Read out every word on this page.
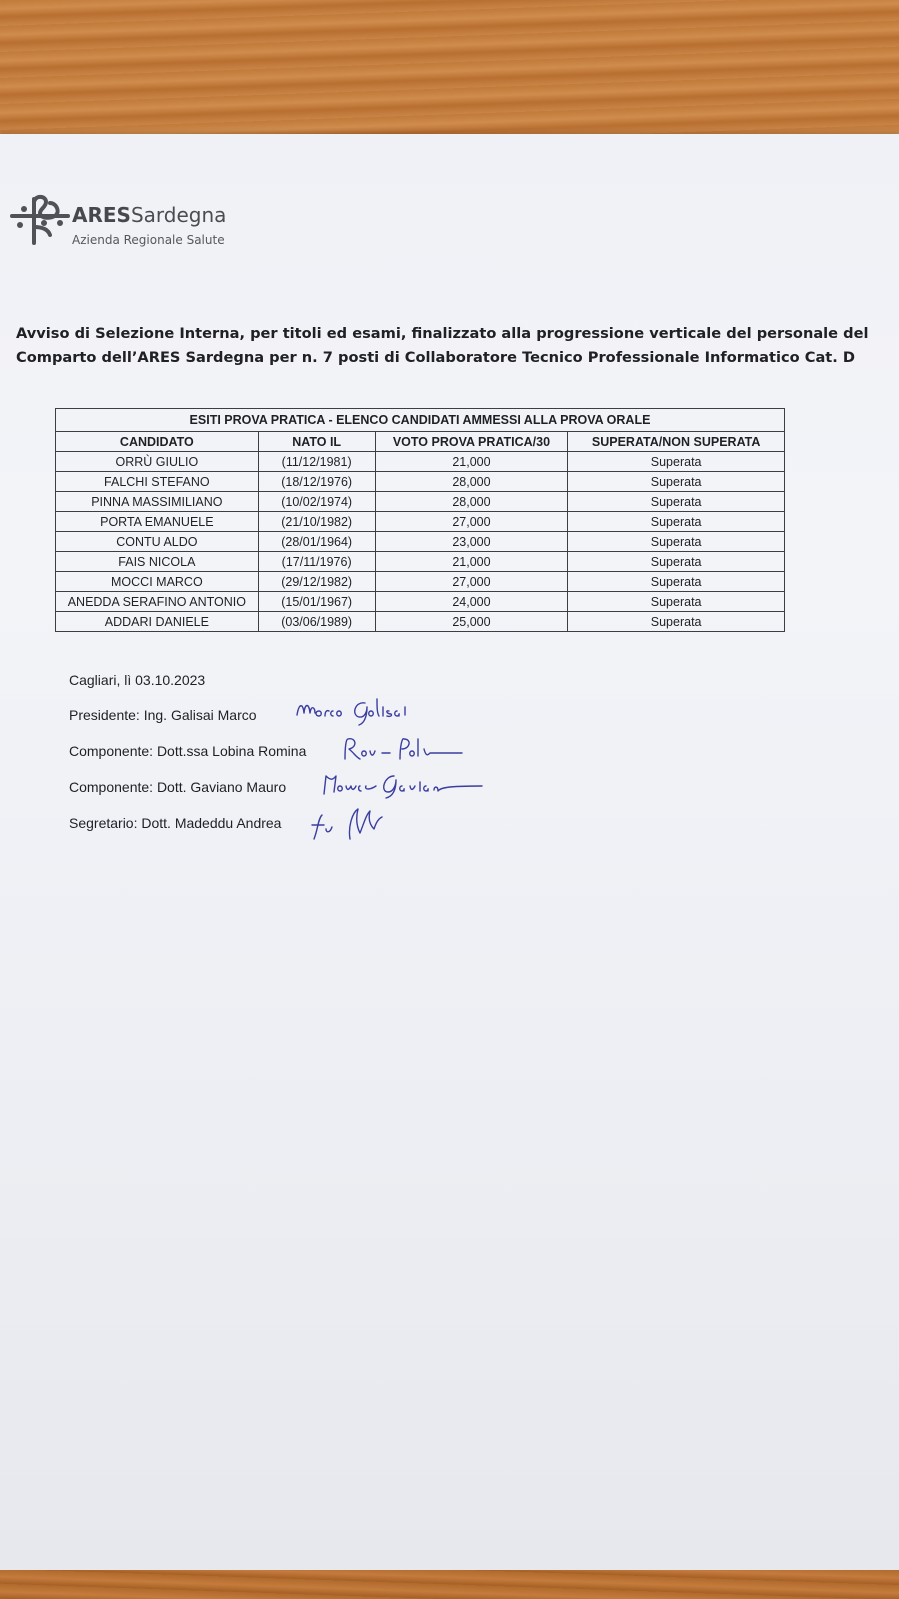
ARESSardegna
Azienda Regionale Salute
Avviso di Selezione Interna, per titoli ed esami, finalizzato alla progressione verticale del personale del
Comparto dell’ARES Sardegna per n. 7 posti di Collaboratore Tecnico Professionale Informatico Cat. D
ESITI PROVA PRATICA - ELENCO CANDIDATI AMMESSI ALLA PROVA ORALE			
CANDIDATO	NATO IL	VOTO PROVA PRATICA/30	SUPERATA/NON SUPERATA
ORRÙ GIULIO	(11/12/1981)	21,000	Superata
FALCHI STEFANO	(18/12/1976)	28,000	Superata
PINNA MASSIMILIANO	(10/02/1974)	28,000	Superata
PORTA EMANUELE	(21/10/1982)	27,000	Superata
CONTU ALDO	(28/01/1964)	23,000	Superata
FAIS NICOLA	(17/11/1976)	21,000	Superata
MOCCI MARCO	(29/12/1982)	27,000	Superata
ANEDDA SERAFINO ANTONIO	(15/01/1967)	24,000	Superata
ADDARI DANIELE	(03/06/1989)	25,000	Superata
Cagliari, lì 03.10.2023
Presidente: Ing. Galisai Marco
Componente: Dott.ssa Lobina Romina
Componente: Dott. Gaviano Mauro
Segretario: Dott. Madeddu Andrea
